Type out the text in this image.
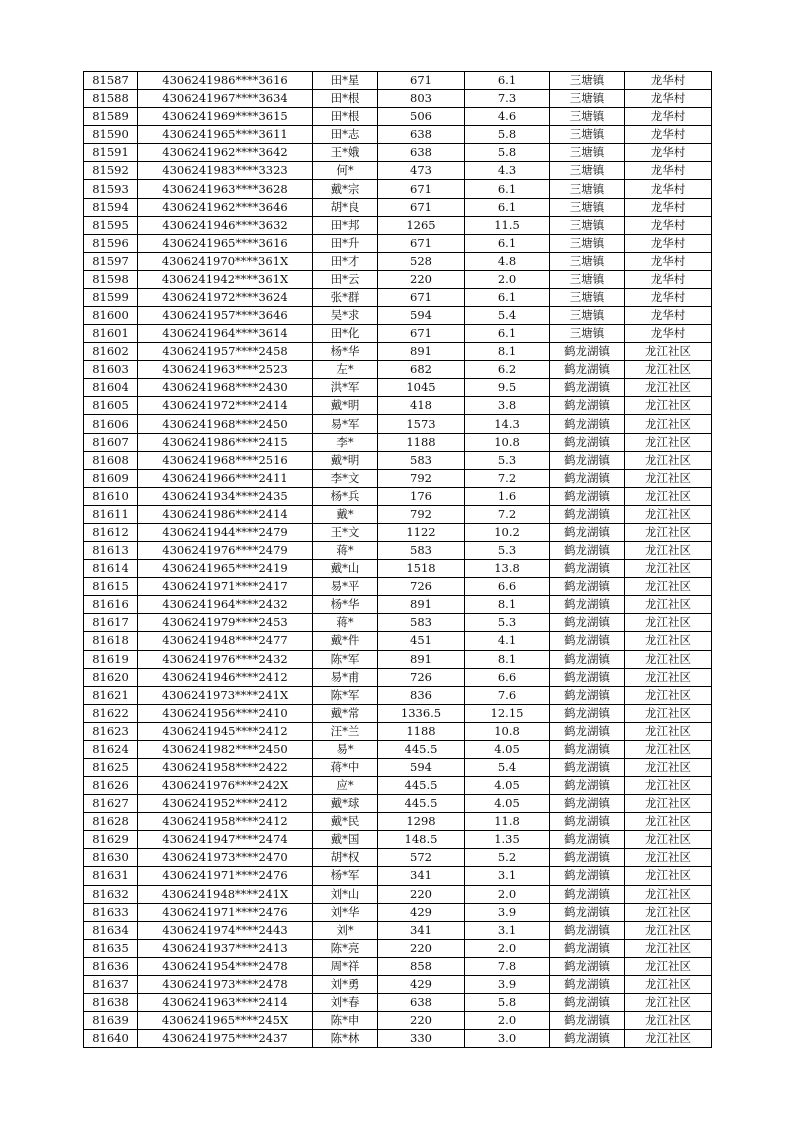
81587	4306241986****3616	田*星	671	6.1	三塘镇	龙华村
81588	4306241967****3634	田*根	803	7.3	三塘镇	龙华村
81589	4306241969****3615	田*根	506	4.6	三塘镇	龙华村
81590	4306241965****3611	田*志	638	5.8	三塘镇	龙华村
81591	4306241962****3642	王*娥	638	5.8	三塘镇	龙华村
81592	4306241983****3323	何*	473	4.3	三塘镇	龙华村
81593	4306241963****3628	戴*宗	671	6.1	三塘镇	龙华村
81594	4306241962****3646	胡*良	671	6.1	三塘镇	龙华村
81595	4306241946****3632	田*邦	1265	11.5	三塘镇	龙华村
81596	4306241965****3616	田*升	671	6.1	三塘镇	龙华村
81597	4306241970****361X	田*才	528	4.8	三塘镇	龙华村
81598	4306241942****361X	田*云	220	2.0	三塘镇	龙华村
81599	4306241972****3624	张*群	671	6.1	三塘镇	龙华村
81600	4306241957****3646	吴*求	594	5.4	三塘镇	龙华村
81601	4306241964****3614	田*化	671	6.1	三塘镇	龙华村
81602	4306241957****2458	杨*华	891	8.1	鹤龙湖镇	龙江社区
81603	4306241963****2523	左*	682	6.2	鹤龙湖镇	龙江社区
81604	4306241968****2430	洪*军	1045	9.5	鹤龙湖镇	龙江社区
81605	4306241972****2414	戴*明	418	3.8	鹤龙湖镇	龙江社区
81606	4306241968****2450	易*军	1573	14.3	鹤龙湖镇	龙江社区
81607	4306241986****2415	李*	1188	10.8	鹤龙湖镇	龙江社区
81608	4306241968****2516	戴*明	583	5.3	鹤龙湖镇	龙江社区
81609	4306241966****2411	李*文	792	7.2	鹤龙湖镇	龙江社区
81610	4306241934****2435	杨*兵	176	1.6	鹤龙湖镇	龙江社区
81611	4306241986****2414	戴*	792	7.2	鹤龙湖镇	龙江社区
81612	4306241944****2479	王*文	1122	10.2	鹤龙湖镇	龙江社区
81613	4306241976****2479	蒋*	583	5.3	鹤龙湖镇	龙江社区
81614	4306241965****2419	戴*山	1518	13.8	鹤龙湖镇	龙江社区
81615	4306241971****2417	易*平	726	6.6	鹤龙湖镇	龙江社区
81616	4306241964****2432	杨*华	891	8.1	鹤龙湖镇	龙江社区
81617	4306241979****2453	蒋*	583	5.3	鹤龙湖镇	龙江社区
81618	4306241948****2477	戴*件	451	4.1	鹤龙湖镇	龙江社区
81619	4306241976****2432	陈*军	891	8.1	鹤龙湖镇	龙江社区
81620	4306241946****2412	易*甫	726	6.6	鹤龙湖镇	龙江社区
81621	4306241973****241X	陈*军	836	7.6	鹤龙湖镇	龙江社区
81622	4306241956****2410	戴*常	1336.5	12.15	鹤龙湖镇	龙江社区
81623	4306241945****2412	汪*兰	1188	10.8	鹤龙湖镇	龙江社区
81624	4306241982****2450	易*	445.5	4.05	鹤龙湖镇	龙江社区
81625	4306241958****2422	蒋*中	594	5.4	鹤龙湖镇	龙江社区
81626	4306241976****242X	应*	445.5	4.05	鹤龙湖镇	龙江社区
81627	4306241952****2412	戴*球	445.5	4.05	鹤龙湖镇	龙江社区
81628	4306241958****2412	戴*民	1298	11.8	鹤龙湖镇	龙江社区
81629	4306241947****2474	戴*国	148.5	1.35	鹤龙湖镇	龙江社区
81630	4306241973****2470	胡*权	572	5.2	鹤龙湖镇	龙江社区
81631	4306241971****2476	杨*军	341	3.1	鹤龙湖镇	龙江社区
81632	4306241948****241X	刘*山	220	2.0	鹤龙湖镇	龙江社区
81633	4306241971****2476	刘*华	429	3.9	鹤龙湖镇	龙江社区
81634	4306241974****2443	刘*	341	3.1	鹤龙湖镇	龙江社区
81635	4306241937****2413	陈*亮	220	2.0	鹤龙湖镇	龙江社区
81636	4306241954****2478	周*祥	858	7.8	鹤龙湖镇	龙江社区
81637	4306241973****2478	刘*勇	429	3.9	鹤龙湖镇	龙江社区
81638	4306241963****2414	刘*春	638	5.8	鹤龙湖镇	龙江社区
81639	4306241965****245X	陈*申	220	2.0	鹤龙湖镇	龙江社区
81640	4306241975****2437	陈*林	330	3.0	鹤龙湖镇	龙江社区
